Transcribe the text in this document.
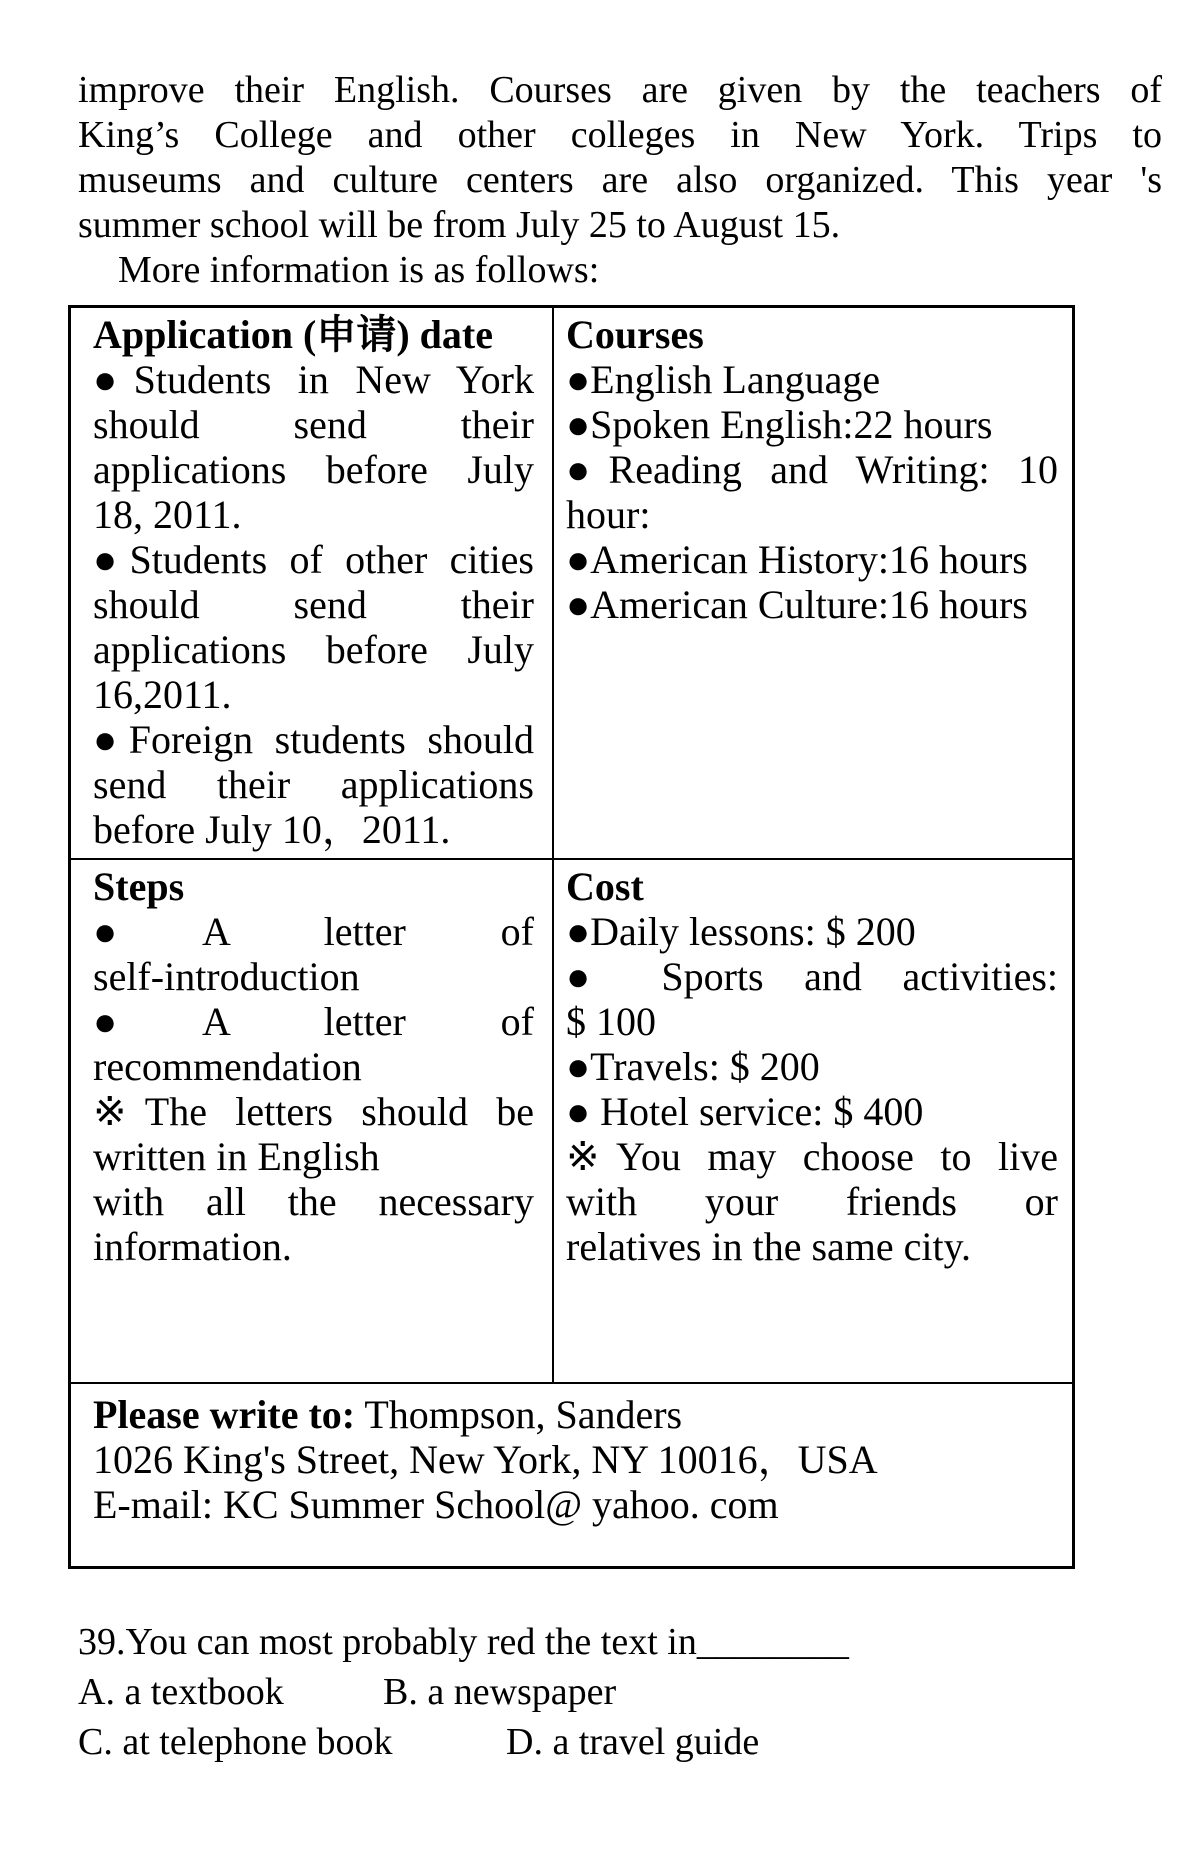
improve their English. Courses are given by the teachers of
King’s College and other colleges in New York. Trips to
museums and culture centers are also organized. This year 's
summer school will be from July 25 to August 15.
More information is as follows:
Application (申请) date
●Students in New York
should send their
applications before July
18, 2011.
●Students of other cities
should send their
applications before July
16,2011.
●Foreign students should
send their applications
before July 10，2011.
Courses
●English Language
●Spoken English:22 hours
●Reading and Writing: 10
hour:
●American History:16 hours
●American Culture:16 hours
Steps
●A letter of
self-introduction
●A letter of
recommendation
※The letters should be
written in English
with all the necessary
information.
Cost
●Daily lessons: $ 200
● Sports and activities:
$ 100
●Travels: $ 200
● Hotel service: $ 400
※You may choose to live
with your friends or
relatives in the same city.
Please write to: Thompson, Sanders
1026 King's Street, New York, NY 10016，USA
E-mail: KC Summer School@ yahoo. com
39.You can most probably red the text in________
A. a textbook	B. a newspaper
C. at telephone book	D. a travel guide
